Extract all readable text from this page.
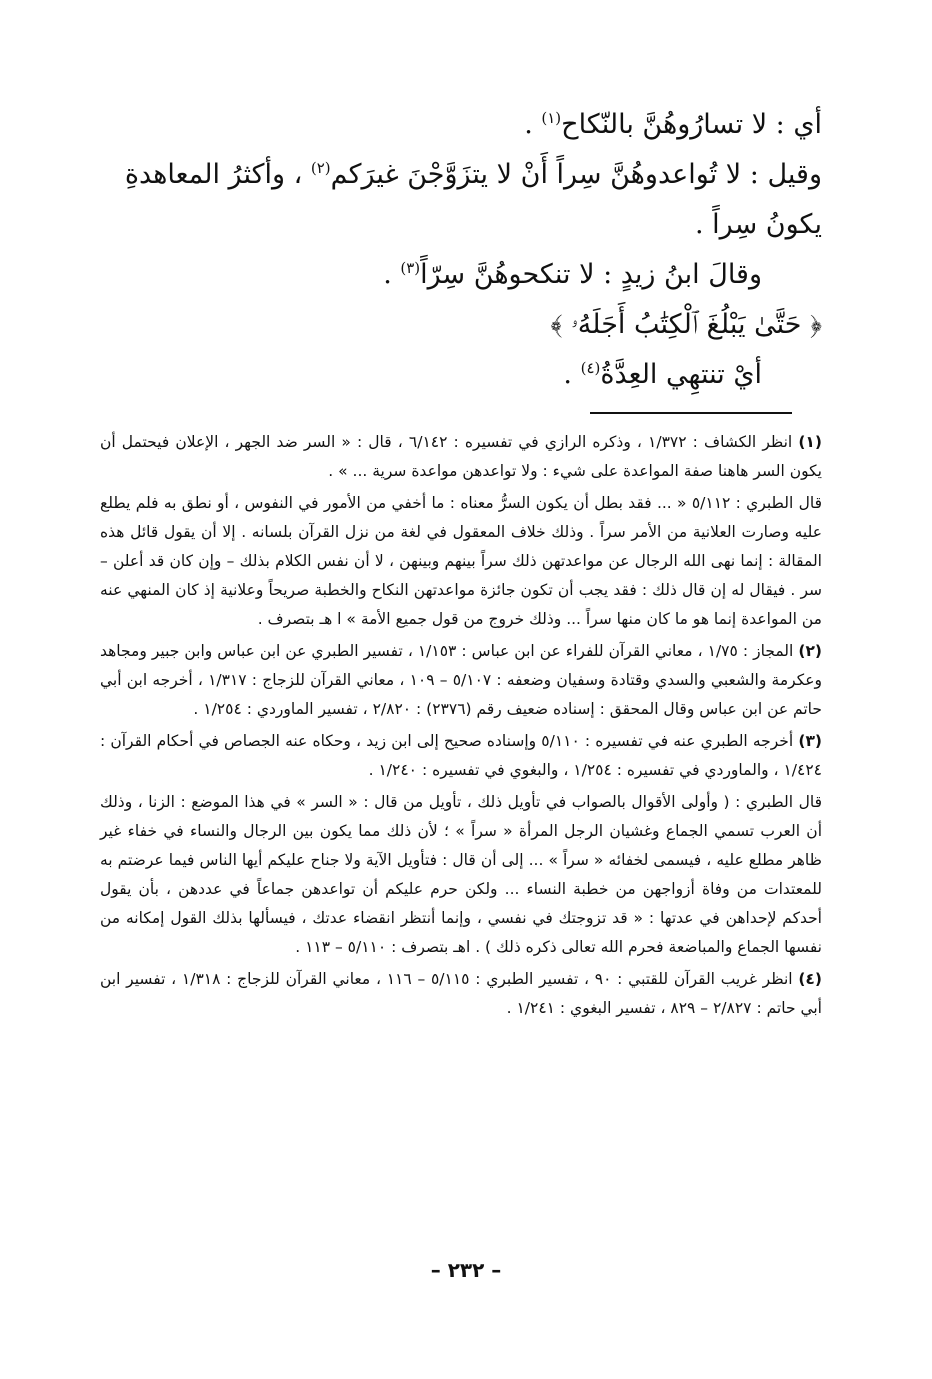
أي : لا تسارُوهُنَّ بالنّكاح$^{(١)}$ .
وقيل : لا تُواعدوهُنَّ سِراً أَنْ لا يتزَوَّجْنَ غيرَكم$^{(٢)}$ ، وأكثرُ المعاهدةِ يكونُ سِراً .
وقالَ ابنُ زيدٍ : لا تنكحوهُنَّ سِرّاً$^{(٣)}$ .
﴿ حَتَّىٰ يَبْلُغَ ٱلْكِتَٰبُ أَجَلَهُۥ ﴾
أيْ تنتهِي العِدَّةُ$^{(٤)}$ .
(١) انظر الكشاف : ١/٣٧٢ ، وذكره الرازي في تفسيره : ٦/١٤٢ ، قال : « السر ضد الجهر ، الإعلان فيحتمل أن يكون السر هاهنا صفة المواعدة على شيء : ولا تواعدهن مواعدة سرية ... » .
قال الطبري : ٥/١١٢ « ... فقد بطل أن يكون السرُّ معناه : ما أخفي من الأمور في النفوس ، أو نطق به فلم يطلع عليه وصارت العلانية من الأمر سراً . وذلك خلاف المعقول في لغة من نزل القرآن بلسانه . إلا أن يقول قائل هذه المقالة : إنما نهى الله الرجال عن مواعدتهن ذلك سراً بينهم وبينهن ، لا أن نفس الكلام بذلك – وإن كان قد أعلن – سر . فيقال له إن قال ذلك : فقد يجب أن تكون جائزة مواعدتهن النكاح والخطبة صريحاً وعلانية إذ كان المنهي عنه من المواعدة إنما هو ما كان منها سراً ... وذلك خروج من قول جميع الأمة » ا هـ بتصرف .
(٢) المجاز : ١/٧٥ ، معاني القرآن للفراء عن ابن عباس : ١/١٥٣ ، تفسير الطبري عن ابن عباس وابن جبير ومجاهد وعكرمة والشعبي والسدي وقتادة وسفيان وضعفه : ٥/١٠٧ – ١٠٩ ، معاني القرآن للزجاج : ١/٣١٧ ، أخرجه ابن أبي حاتم عن ابن عباس وقال المحقق : إسناده ضعيف رقم (٢٣٧٦) : ٢/٨٢٠ ، تفسير الماوردي : ١/٢٥٤ .
(٣) أخرجه الطبري عنه في تفسيره : ٥/١١٠ وإسناده صحيح إلى ابن زيد ، وحكاه عنه الجصاص في أحكام القرآن : ١/٤٢٤ ، والماوردي في تفسيره : ١/٢٥٤ ، والبغوي في تفسيره : ١/٢٤٠ .
قال الطبري : ( وأولى الأقوال بالصواب في تأويل ذلك ، تأويل من قال : « السر » في هذا الموضع : الزنا ، وذلك أن العرب تسمي الجماع وغشيان الرجل المرأة « سراً » ؛ لأن ذلك مما يكون بين الرجال والنساء في خفاء غير ظاهر مطلع عليه ، فيسمى لخفائه « سراً » ... إلى أن قال : فتأويل الآية ولا جناح عليكم أيها الناس فيما عرضتم به للمعتدات من وفاة أزواجهن من خطبة النساء ... ولكن حرم عليكم أن تواعدهن جماعاً في عددهن ، بأن يقول أحدكم لإحداهن في عدتها : « قد تزوجتك في نفسي ، وإنما أنتظر انقضاء عدتك ، فيسألها بذلك القول إمكانه من نفسها الجماع والمباضعة فحرم الله تعالى ذكره ذلك ) . اهـ بتصرف : ٥/١١٠ – ١١٣ .
(٤) انظر غريب القرآن للقتبي : ٩٠ ، تفسير الطبري : ٥/١١٥ – ١١٦ ، معاني القرآن للزجاج : ١/٣١٨ ، تفسير ابن أبي حاتم : ٢/٨٢٧ – ٨٢٩ ، تفسير البغوي : ١/٢٤١ .
– ٢٣٢ –
